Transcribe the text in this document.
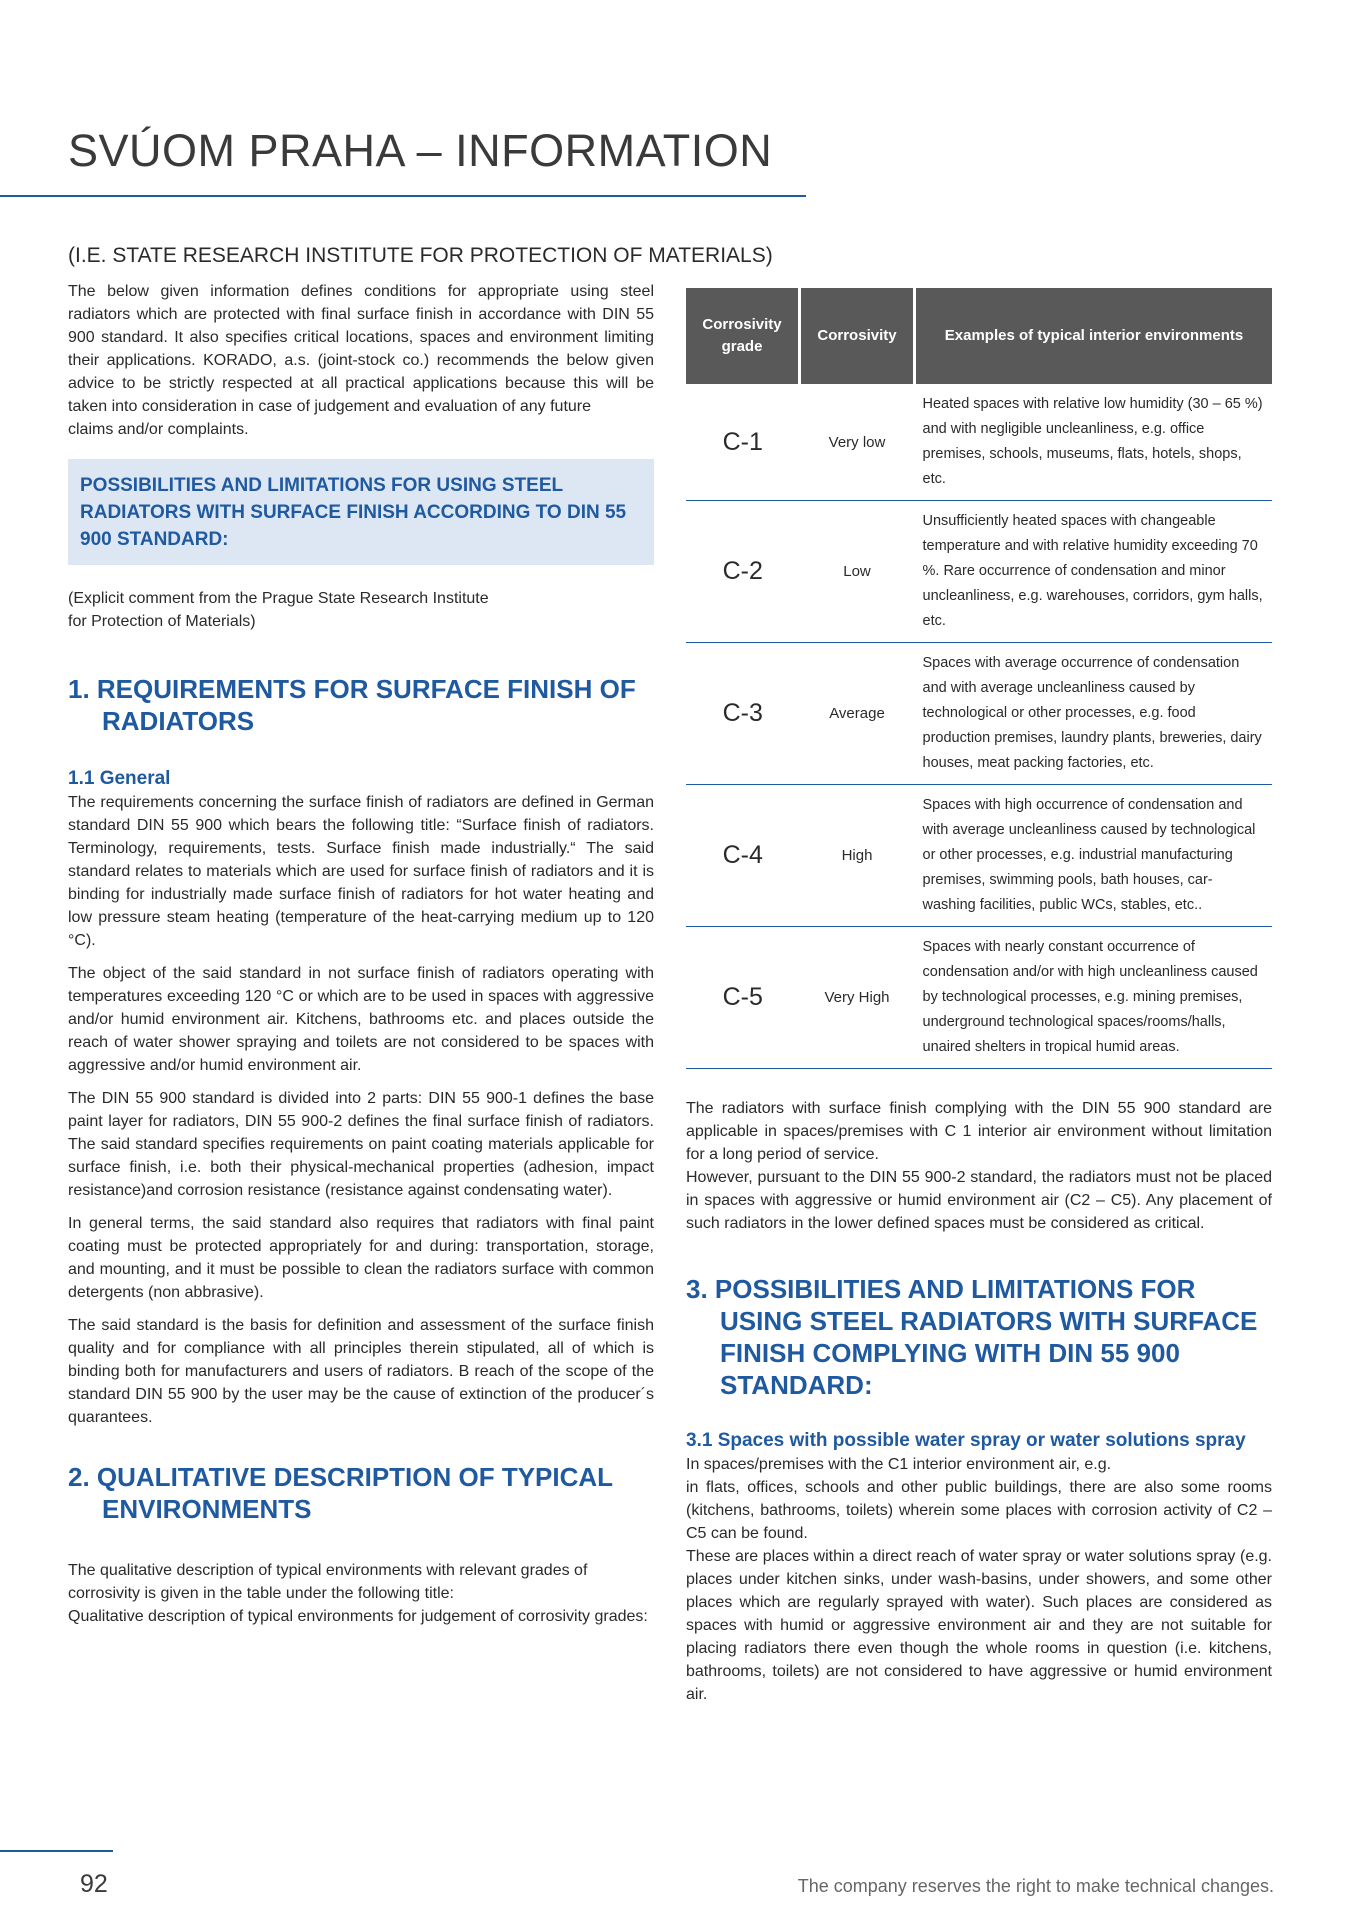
SVÚOM PRAHA – INFORMATION

(I.E. STATE RESEARCH INSTITUTE FOR PROTECTION OF MATERIALS)

The below given information defines conditions for appropriate using steel radiators which are protected with final surface finish in accordance with DIN 55 900 standard. It also specifies critical locations, spaces and environment limiting their applications. KORADO, a.s. (joint-stock co.) recommends the below given advice to be strictly respected at all practical applications because this will be taken into consideration in case of judgement and evaluation of any future

claims and/or complaints.

POSSIBILITIES AND LIMITATIONS FOR USING STEEL RADIATORS WITH SURFACE FINISH ACCORDING TO DIN 55 900 STANDARD:
(Explicit comment from the Prague State Research Institute
for Protection of Materials)
1. REQUIREMENTS FOR SURFACE FINISH OF RADIATORS
1.1 General

The requirements concerning the surface finish of radiators are defined in German standard DIN 55 900 which bears the following title: “Surface finish of radiators. Terminology, requirements, tests. Surface finish made industrially.“ The said standard relates to materials which are used for surface finish of radiators and it is binding for industrially made surface finish of radiators for hot water heating and low pressure steam heating (temperature of the heat-carrying medium up to 120 °C).

The object of the said standard in not surface finish of radiators operating with temperatures exceeding 120 °C or which are to be used in spaces with aggressive and/or humid environment air. Kitchens, bathrooms etc. and places outside the reach of water shower spraying and toilets are not considered to be spaces with aggressive and/or humid environment air.

The DIN 55 900 standard is divided into 2 parts: DIN 55 900-1 defines the base paint layer for radiators, DIN 55 900-2 defines the final surface finish of radiators. The said standard specifies requirements on paint coating materials applicable for surface finish, i.e. both their physical-mechanical properties (adhesion, impact resistance)and corrosion resistance (resistance against condensating water).

In general terms, the said standard also requires that radiators with final paint coating must be protected appropriately for and during: transportation, storage, and mounting, and it must be possible to clean the radiators surface with common detergents (non abbrasive).

The said standard is the basis for definition and assessment of the surface finish quality and for compliance with all principles therein stipulated, all of which is binding both for manufacturers and users of radiators. B reach of the scope of the standard DIN 55 900 by the user may be the cause of extinction of the producer´s quarantees.

2. QUALITATIVE DESCRIPTION OF TYPICAL ENVIRONMENTS

The qualitative description of typical environments with relevant grades of corrosivity is given in the table under the following title:

Qualitative description of typical environments for judgement of corrosivity grades:

Corrosivity grade	Corrosivity	Examples of typical interior environments
C-1	Very low	Heated spaces with relative low humidity (30 – 65 %) and with negligible uncleanliness, e.g. office premises, schools, museums, flats, hotels, shops, etc.
C-2	Low	Unsufficiently heated spaces with changeable temperature and with relative humidity exceeding 70 %. Rare occurrence of condensation and minor uncleanliness, e.g. warehouses, corridors, gym halls, etc.
C-3	Average	Spaces with average occurrence of condensation and with average uncleanliness caused by technological or other processes, e.g. food production premises, laundry plants, breweries, dairy houses, meat packing factories, etc.
C-4	High	Spaces with high occurrence of condensation and with average uncleanliness caused by technological or other processes, e.g. industrial manufacturing premises, swimming pools, bath houses, car-washing facilities, public WCs, stables, etc..
C-5	Very High	Spaces with nearly constant occurrence of condensation and/or with high uncleanliness caused by technological processes, e.g. mining premises, underground technological spaces/rooms/halls, unaired shelters in tropical humid areas.

The radiators with surface finish complying with the DIN 55 900 standard are applicable in spaces/premises with C 1 interior air environment without limitation for a long period of service.

However, pursuant to the DIN 55 900-2 standard, the radiators must not be placed in spaces with aggressive or humid environment air (C2 – C5). Any placement of such radiators in the lower defined spaces must be considered as critical.

3. POSSIBILITIES AND LIMITATIONS FOR USING STEEL RADIATORS WITH SURFACE FINISH COMPLYING WITH DIN 55 900 STANDARD:
3.1 Spaces with possible water spray or water solutions spray

In spaces/premises with the C1 interior environment air, e.g.

in flats, offices, schools and other public buildings, there are also some rooms (kitchens, bathrooms, toilets) wherein some places with corrosion activity of C2 – C5 can be found.

These are places within a direct reach of water spray or water solutions spray (e.g. places under kitchen sinks, under wash-basins, under showers, and some other places which are regularly sprayed with water). Such places are considered as spaces with humid or aggressive environment air and they are not suitable for placing radiators there even though the whole rooms in question (i.e. kitchens, bathrooms, toilets) are not considered to have aggressive or humid environment air.

92	The company reserves the right to make technical changes.
